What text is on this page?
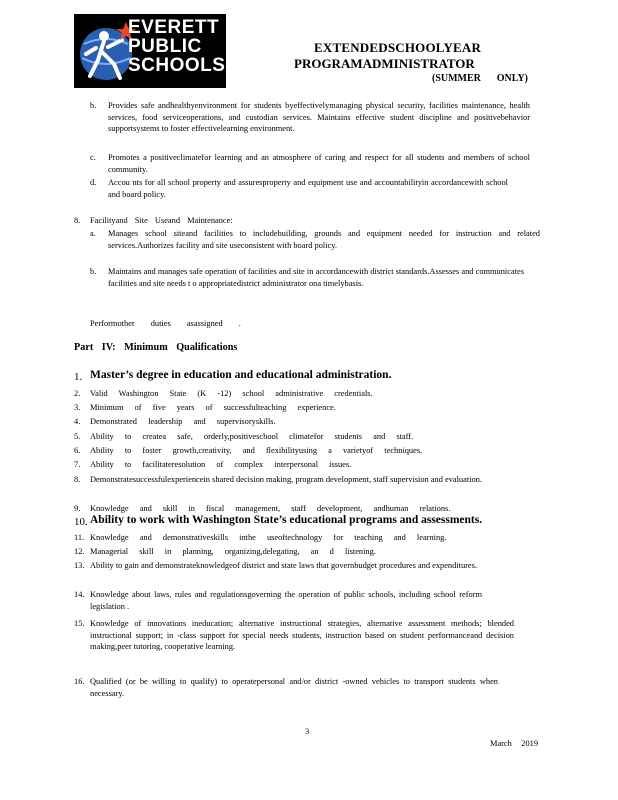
EVERETT
PUBLIC
SCHOOLS
EXTENDEDSCHOOLYEAR
PROGRAM ADMINISTRATOR
(SUMMER ONLY)
b. Provides safe andhealthyenvironment for students byeffectivelymanaging physical security, facilities maintenance, health services, food serviceoperations, and custodian services. Maintains effective student discipline and positivebehavior supportsystems to foster effectivelearning environment.
c. Promotes a positiveclimatefor learning and an atmosphere of caring and respect for all students and members of school community.
d. Accou nts for all school property and assuresproperty and equipment use and accountabilityin accordancewith school and board policy.
8. Facilityand Site Useand Maintenance:
a. Manages school siteand facilities to includebuilding, grounds and equipment needed for instruction and related services.Authorizes facility and site useconsistent with board policy.
b. Maintains and manages safe operation of facilities and site in accordancewith district standards.Assesses and communicates facilities and site needs t o appropriatedistrict administrator ona timelybasis.
Performother duties asassigned .
Part IV: Minimum Qualifications
1. Master’s degree in education and educational administration.
2. Valid Washington State (K -12) school administrative credentials.
3. Minimum of five years of successfulteaching experience.
4. Demonstrated leadership and supervisoryskills.
5. Ability to createa safe, orderly,positiveschool climatefor students and staff.
6. Ability to foster growth,creativity, and flexibilityusing a varietyof techniques.
7. Ability to facilitateresolution of complex interpersonal issues.
8. Demonstratesuccessfulexperiencein shared decision making, program development, staff supervision and evaluation.
9. Knowledge and skill in fiscal management, staff development, andhuman relations.
10. Ability to work with Washington State’s educational programs and assessments.
11. Knowledge and demonstrativeskills inthe useoftechnology for teaching and learning.
12. Managerial skill in planning, organizing,delegating, an d listening.
13. Ability to gain and demonstrateknowledgeof district and state laws that governbudget procedures and expenditures.
14. Knowledge about laws, rules and regulationsgoverning the operation of public schools, including school reform legislation .
15. Knowledge of innovations ineducation; alternative instructional strategies, alternative assessment methods; blended instructional support; in -class support for special needs students, instruction based on student performanceand decision making,peer tutoring, cooperative learning.
16. Qualified (or be willing to qualify) to operatepersonal and/or district -owned vehicles to transport students when necessary.
3
March 2019
